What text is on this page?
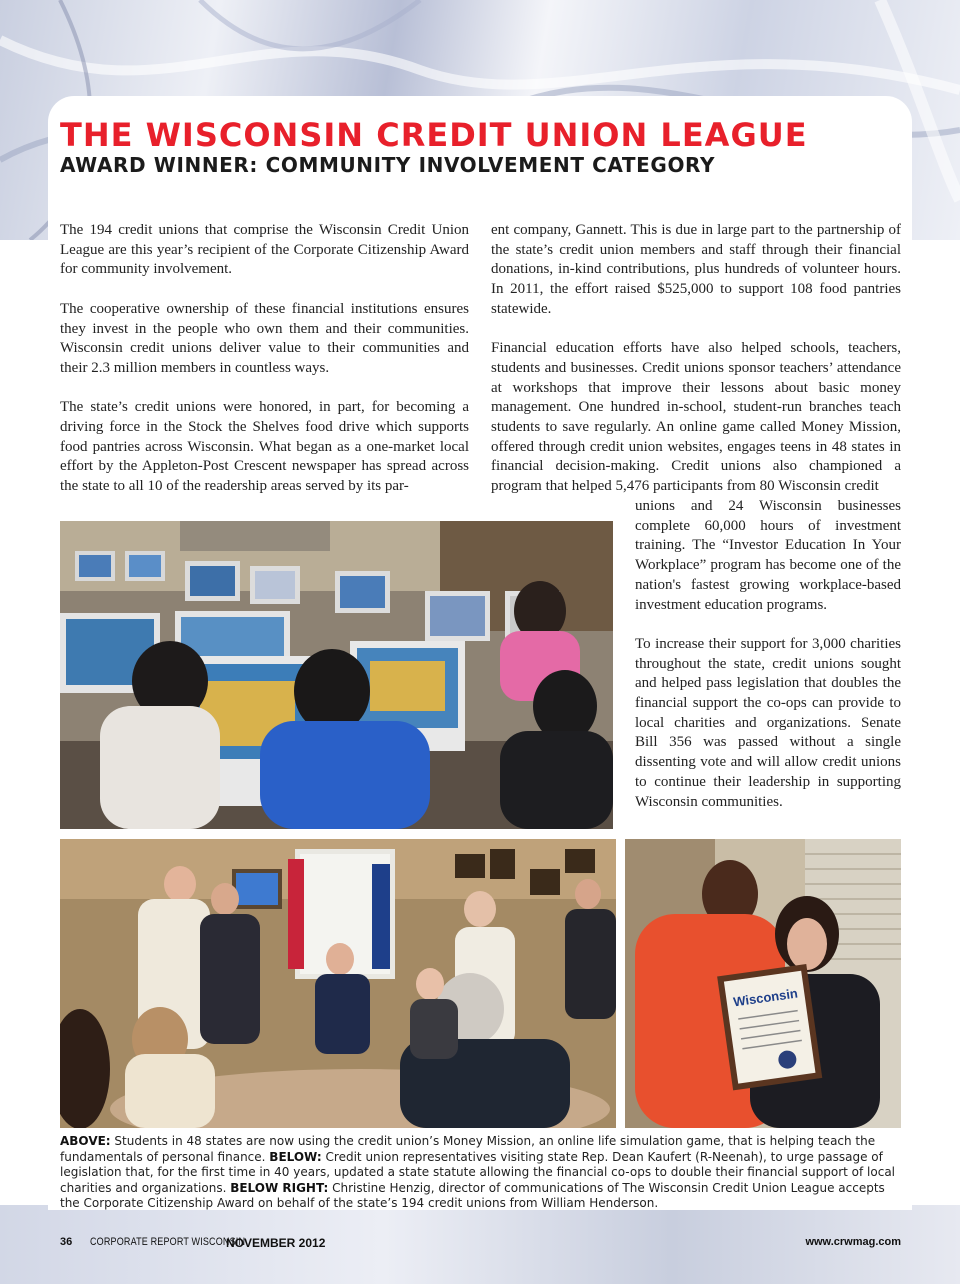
THE WISCONSIN CREDIT UNION LEAGUE
AWARD WINNER: COMMUNITY INVOLVEMENT CATEGORY

The 194 credit unions that comprise the Wisconsin Credit Union League are this year’s recipient of the Corporate Citizenship Award for community involvement.

The cooperative ownership of these financial institutions ensures they invest in the people who own them and their communities. Wisconsin credit unions deliver value to their communities and their 2.3 million members in countless ways.

The state’s credit unions were honored, in part, for becoming a driving force in the Stock the Shelves food drive which supports food pantries across Wisconsin. What began as a one-market local effort by the Appleton-Post Crescent newspaper has spread across the state to all 10 of the readership areas served by its par-

ent company, Gannett. This is due in large part to the partnership of the state’s credit union members and staff through their financial donations, in-kind contributions, plus hundreds of volunteer hours. In 2011, the effort raised $525,000 to support 108 food pantries statewide.

Financial education efforts have also helped schools, teachers, students and businesses. Credit unions sponsor teachers’ attendance at workshops that improve their lessons about basic money management. One hundred in-school, student-run branches teach students to save regularly. An online game called Money Mission, offered through credit union websites, engages teens in 48 states in financial decision-making. Credit unions also championed a program that helped 5,476 participants from 80 Wisconsin credit

unions and 24 Wisconsin businesses complete 60,000 hours of investment training. The “Investor Education In Your Workplace” program has become one of the nation's fastest growing workplace-based investment education programs.

To increase their support for 3,000 charities throughout the state, credit unions sought and helped pass legislation that doubles the financial support the co-ops can provide to local charities and organizations. Senate Bill 356 was passed without a single dissenting vote and will allow credit unions to continue their leadership in supporting Wisconsin communities.

Wisconsin
ABOVE: Students in 48 states are now using the credit union’s Money Mission, an online life simulation game, that is helping teach the fundamentals of personal finance. BELOW: Credit union representatives visiting state Rep. Dean Kaufert (R-Neenah), to urge passage of legislation that, for the first time in 40 years, updated a state statute allowing the financial co-ops to double their financial support of local charities and organizations. BELOW RIGHT: Christine Henzig, director of communications of The Wisconsin Credit Union League accepts the Corporate Citizenship Award on behalf of the state’s 194 credit unions from William Henderson.
36 CORPORATE REPORT WISCONSIN
NOVEMBER 2012	www.crwmag.com
